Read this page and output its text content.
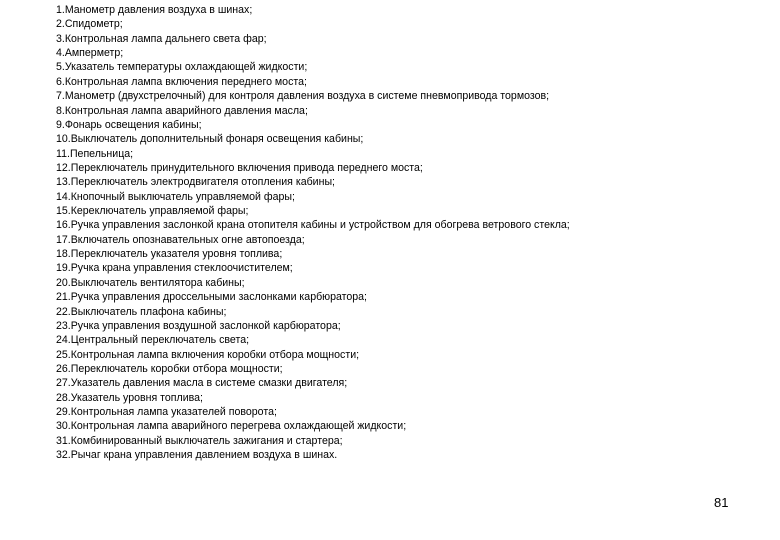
1.Манометр давления воздуха в шинах;
2.Спидометр;
3.Контрольная лампа дальнего света фар;
4.Амперметр;
5.Указатель температуры охлаждающей жидкости;
6.Контрольная лампа включения переднего моста;
7.Манометр (двухстрелочный) для контроля давления воздуха в системе пневмопривода тормозов;
8.Контрольная лампа аварийного давления масла;
9.Фонарь освещения кабины;
10.Выключатель дополнительный фонаря освещения кабины;
11.Пепельница;
12.Переключатель принудительного включения привода переднего моста;
13.Переключатель электродвигателя отопления кабины;
14.Кнопочный выключатель управляемой фары;
15.Кереключатель управляемой фары;
16.Ручка управления заслонкой крана отопителя кабины и устройством для обогрева ветрового стекла;
17.Включатель опознавательных огне автопоезда;
18.Переключатель указателя уровня топлива;
19.Ручка крана управления стеклоочистителем;
20.Выключатель вентилятора кабины;
21.Ручка управления дроссельными заслонками карбюратора;
22.Выключатель плафона кабины;
23.Ручка управления воздушной заслонкой карбюратора;
24.Центральный переключатель света;
25.Контрольная лампа включения коробки отбора мощности;
26.Переключатель коробки отбора мощности;
27.Указатель давления масла в системе смазки двигателя;
28.Указатель уровня топлива;
29.Контрольная лампа указателей поворота;
30.Контрольная лампа аварийного перегрева охлаждающей жидкости;
31.Комбинированный выключатель зажигания и стартера;
32.Рычаг крана управления давлением воздуха в шинах.
81
